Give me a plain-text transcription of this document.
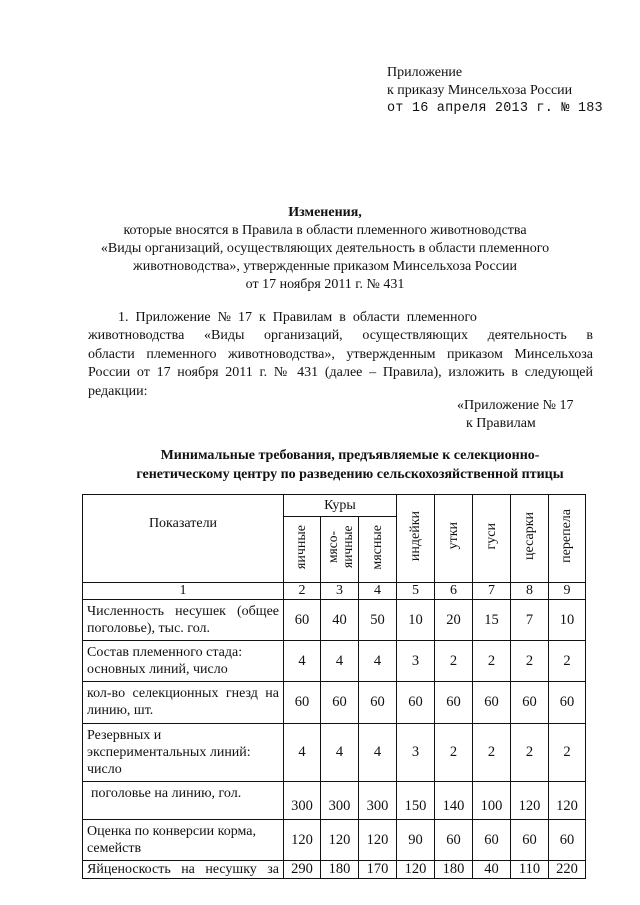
Приложение
к приказу Минсельхоза России
от 16 апреля 2013 г. № 183
Изменения,
которые вносятся в Правила в области племенного животноводства
«Виды организаций, осуществляющих деятельность в области племенного
животноводства», утвержденные приказом Минсельхоза России
от 17 ноября 2011 г. № 431
1.  Приложение  №  17  к  Правилам  в  области  племенного
животноводства «Виды организаций, осуществляющих деятельность в
области племенного животноводства», утвержденным приказом Минсельхоза
России от 17 ноября 2011 г. № 431 (далее – Правила), изложить в следующей
редакции:
«Приложение № 17
к Правилам
Минимальные требования, предъявляемые к селекционно-
генетическому центру по разведению сельскохозяйственной птицы
Показатели	Куры			индейки	утки	гуси	цесарки	перепела
	яичные	мясо-яичные	мясные					
1	2	3	4	5	6	7	8	9
Численность несушек (общее поголовье), тыс. гол.	60	40	50	10	20	15	7	10
Состав племенного стада: основных линий, число	4	4	4	3	2	2	2	2
кол-во селекционных гнезд на линию, шт.	60	60	60	60	60	60	60	60
Резервных и экспериментальных линий: число	4	4	4	3	2	2	2	2
поголовье на линию, гол.	300	300	300	150	140	100	120	120
Оценка по конверсии корма, семейств	120	120	120	90	60	60	60	60
Яйценоскость на несушку за	290	180	170	120	180	40	110	220
